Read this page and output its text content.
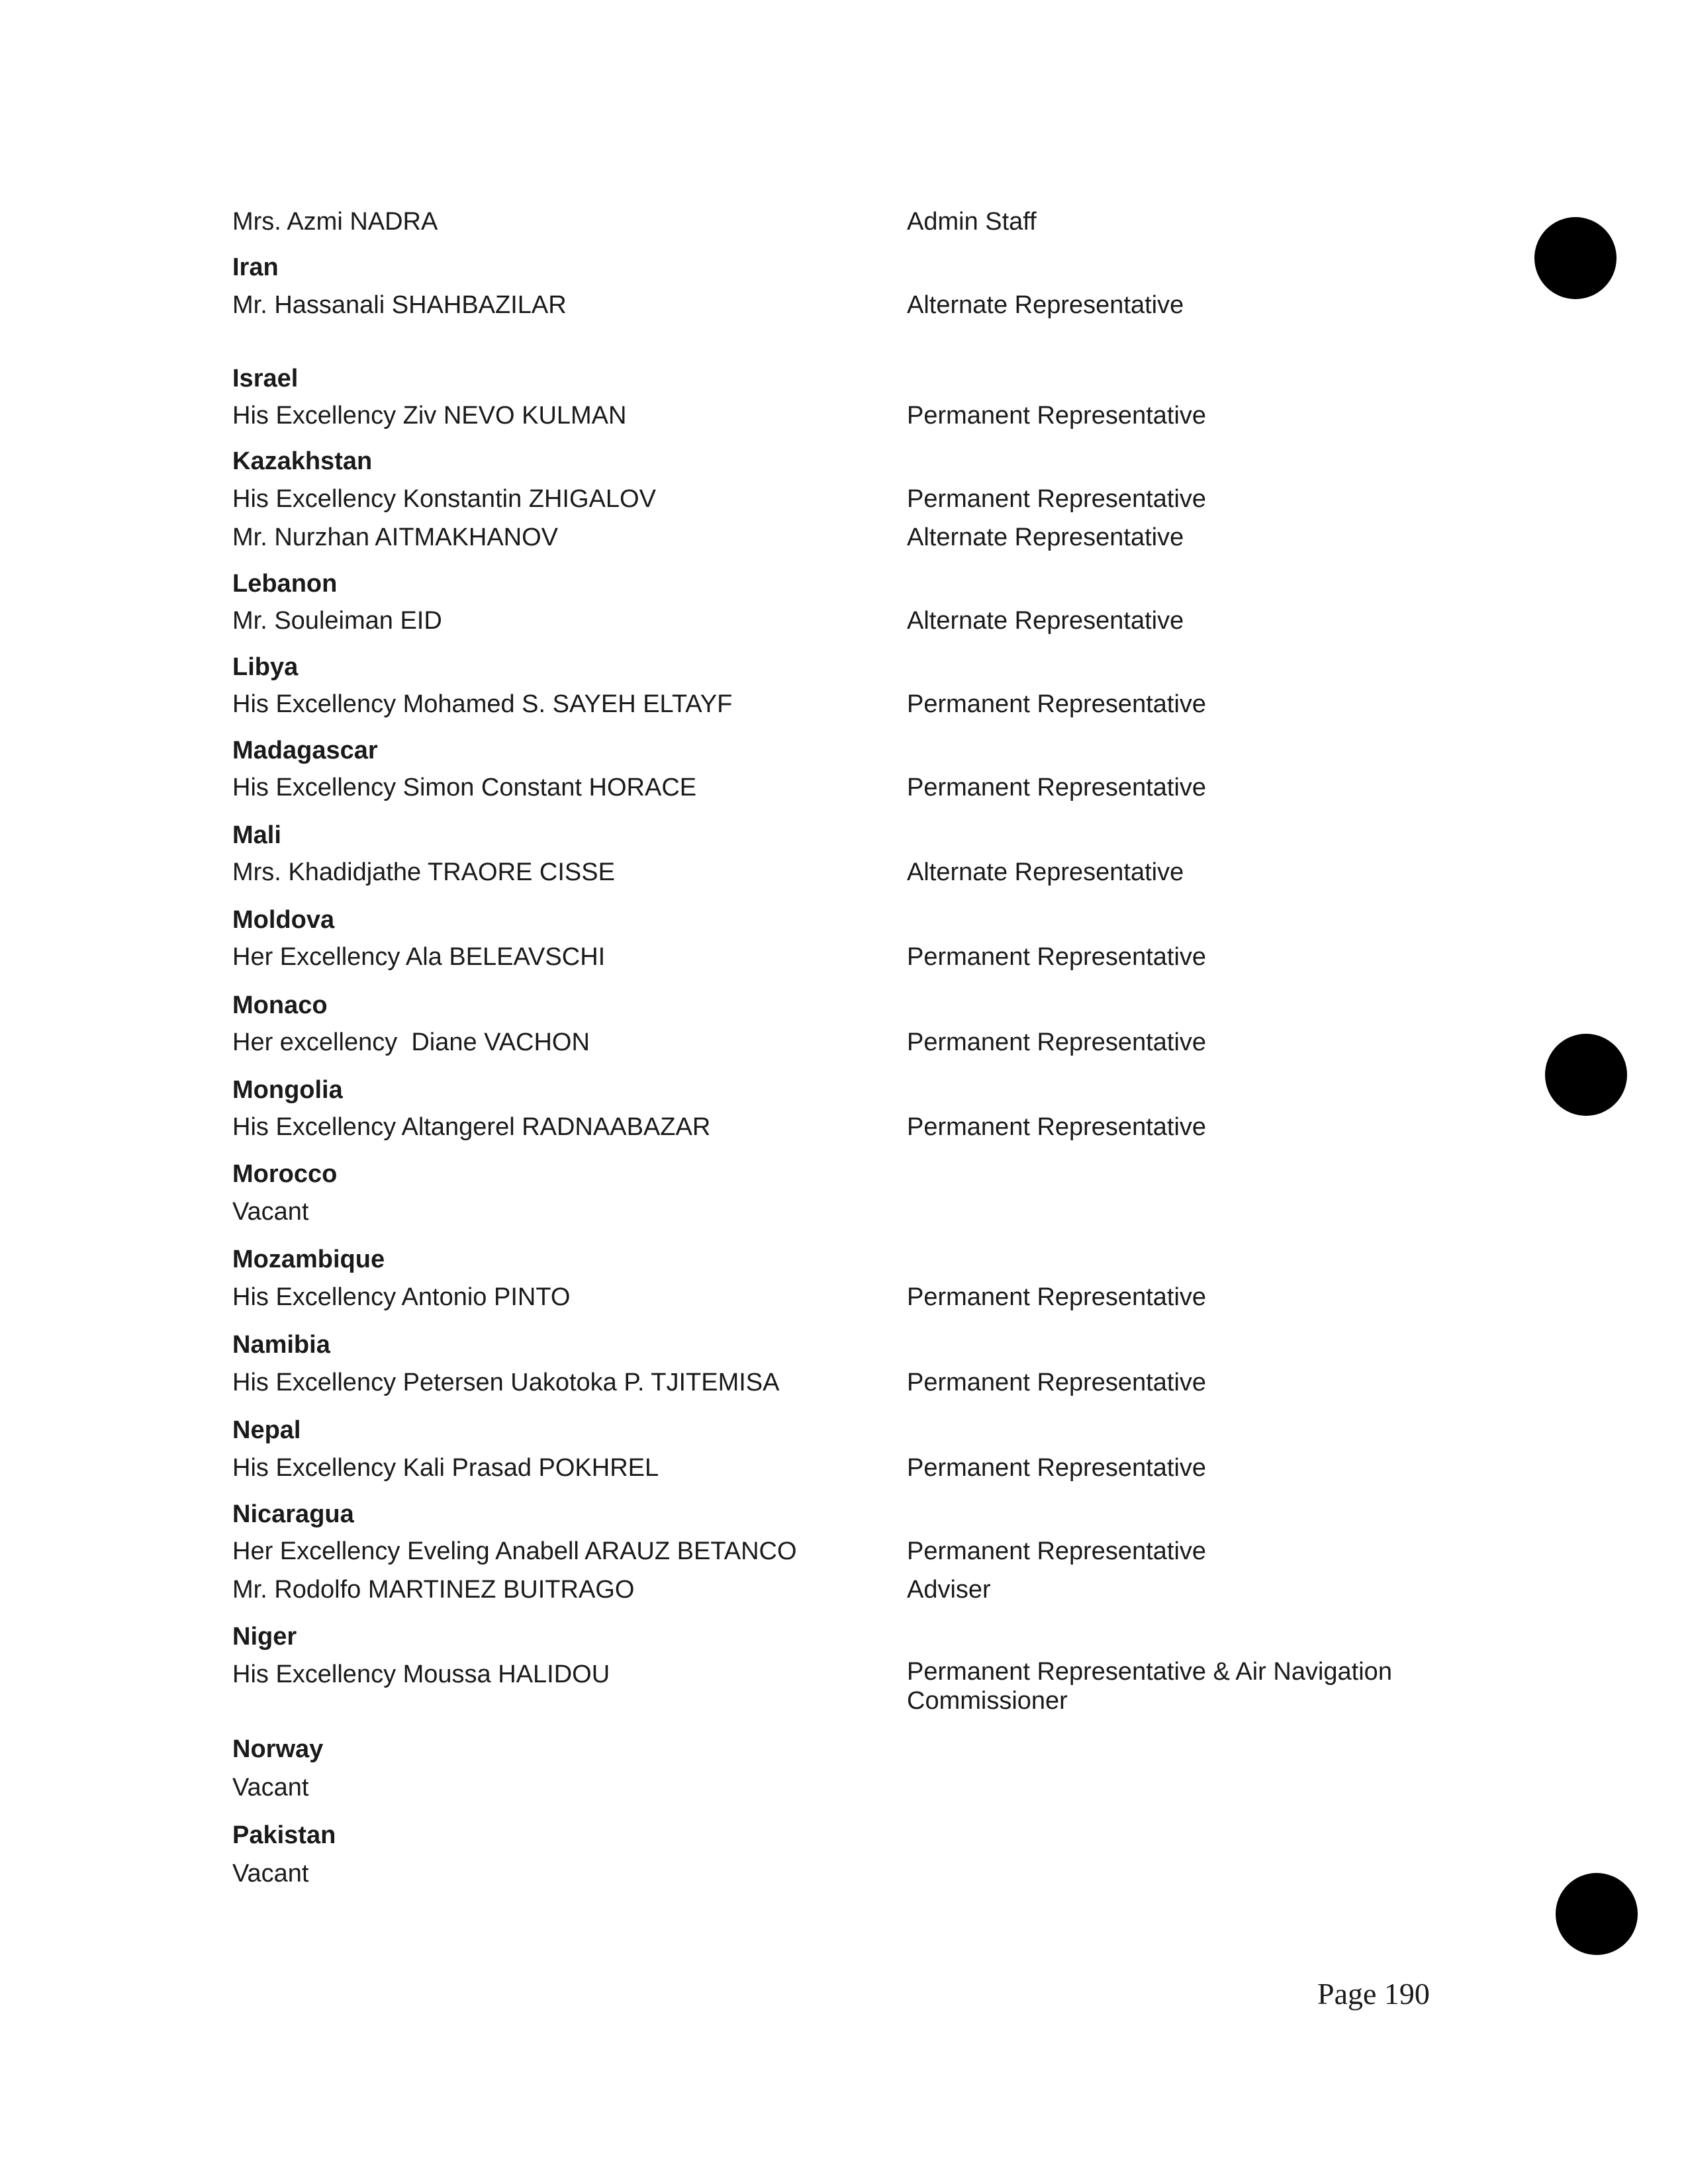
Mrs. Azmi NADRA	Admin Staff
Iran
Mr. Hassanali SHAHBAZILAR	Alternate Representative
Israel
His Excellency Ziv NEVO KULMAN	Permanent Representative
Kazakhstan
His Excellency Konstantin ZHIGALOV	Permanent Representative
Mr. Nurzhan AITMAKHANOV	Alternate Representative
Lebanon
Mr. Souleiman EID	Alternate Representative
Libya
His Excellency Mohamed S. SAYEH ELTAYF	Permanent Representative
Madagascar
His Excellency Simon Constant HORACE	Permanent Representative
Mali
Mrs. Khadidjathe TRAORE CISSE	Alternate Representative
Moldova
Her Excellency Ala BELEAVSCHI	Permanent Representative
Monaco
Her excellency  Diane VACHON	Permanent Representative
Mongolia
His Excellency Altangerel RADNAABAZAR	Permanent Representative
Morocco
Vacant
Mozambique
His Excellency Antonio PINTO	Permanent Representative
Namibia
His Excellency Petersen Uakotoka P. TJITEMISA	Permanent Representative
Nepal
His Excellency Kali Prasad POKHREL	Permanent Representative
Nicaragua
Her Excellency Eveling Anabell ARAUZ BETANCO	Permanent Representative
Mr. Rodolfo MARTINEZ BUITRAGO	Adviser
Niger
His Excellency Moussa HALIDOU	Permanent Representative & Air Navigation Commissioner
Norway
Vacant
Pakistan
Vacant
Page 190
